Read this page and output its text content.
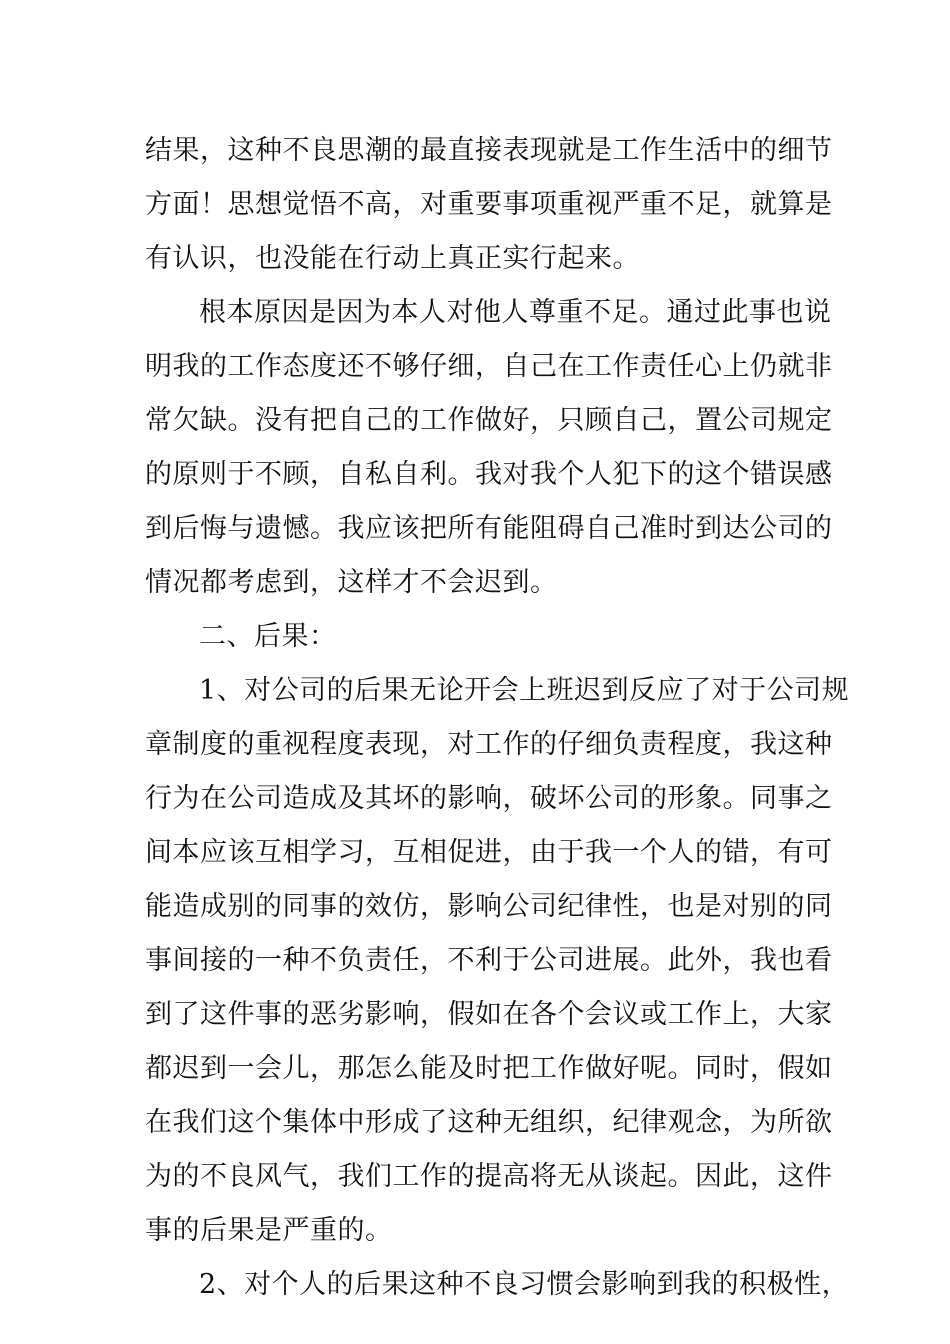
结果，这种不良思潮的最直接表现就是工作生活中的细节
方面！思想觉悟不高，对重要事项重视严重不足，就算是
有认识，也没能在行动上真正实行起来。
根本原因是因为本人对他人尊重不足。通过此事也说
明我的工作态度还不够仔细，自己在工作责任心上仍就非
常欠缺。没有把自己的工作做好，只顾自己，置公司规定
的原则于不顾，自私自利。我对我个人犯下的这个错误感
到后悔与遗憾。我应该把所有能阻碍自己准时到达公司的
情况都考虑到，这样才不会迟到。
二、后果：
1、对公司的后果无论开会上班迟到反应了对于公司规
章制度的重视程度表现，对工作的仔细负责程度，我这种
行为在公司造成及其坏的影响，破坏公司的形象。同事之
间本应该互相学习，互相促进，由于我一个人的错，有可
能造成别的同事的效仿，影响公司纪律性，也是对别的同
事间接的一种不负责任，不利于公司进展。此外，我也看
到了这件事的恶劣影响，假如在各个会议或工作上，大家
都迟到一会儿，那怎么能及时把工作做好呢。同时，假如
在我们这个集体中形成了这种无组织，纪律观念，为所欲
为的不良风气，我们工作的提高将无从谈起。因此，这件
事的后果是严重的。
2、对个人的后果这种不良习惯会影响到我的积极性，
